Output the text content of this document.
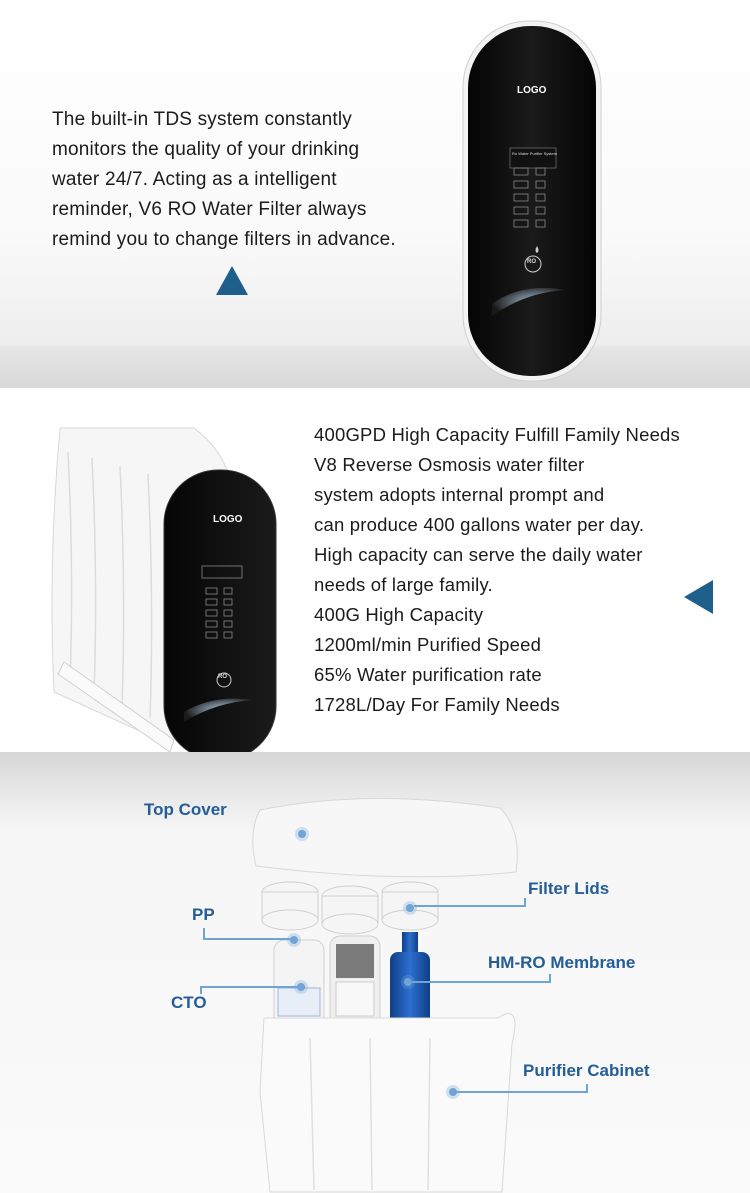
The built-in TDS system constantly
monitors the quality of your drinking
water 24/7. Acting as a intelligent
reminder, V6 RO Water Filter always
remind you to change filters in advance.
LOGO
Ro Water Purifier System
RO
LOGO
RO
400GPD High Capacity Fulfill Family Needs
V8 Reverse Osmosis water filter
system adopts internal prompt and
can produce 400 gallons water per day.
High capacity can serve the daily water
needs of large family.
400G High Capacity
1200ml/min Purified Speed
65% Water purification rate
1728L/Day For Family Needs
Top Cover
Filter Lids
PP
HM-RO Membrane
CTO
Purifier Cabinet
